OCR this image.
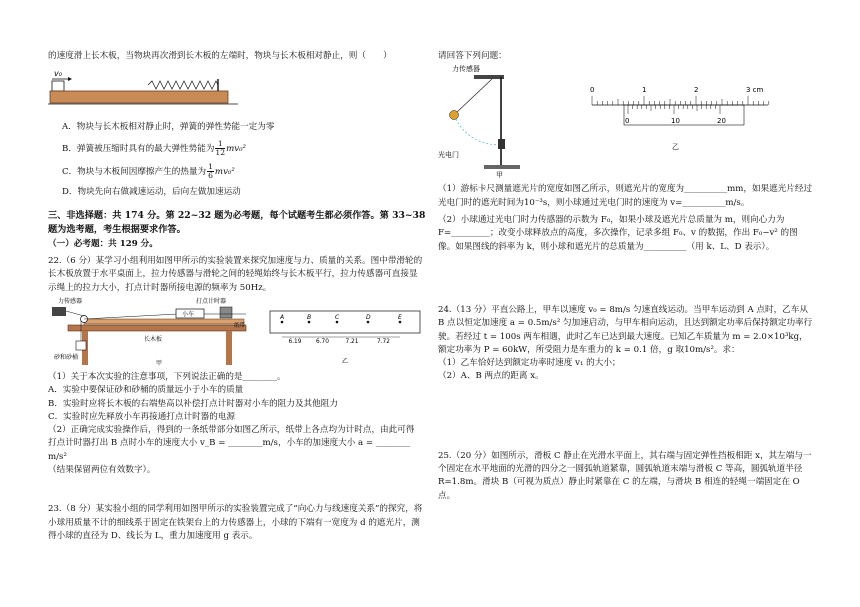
的速度滑上长木板，当物块再次滑到长木板的左端时，物块与长木板相对静止，则（　　）

v₀

A．物块与长木板相对静止时，弹簧的弹性势能一定为零

B．弹簧被压缩时具有的最大弹性势能为 $\frac{1}{12} mv_0^2$

C．物块与木板间因摩擦产生的热量为 $\frac{1}{6} mv_0^2$

D．物块先向右做减速运动，后向左做加速运动

三、非选择题：共 174 分。第 22~32 题为必考题，每个试题考生都必须作答。第 33~38 题为选考题，考生根据要求作答。

（一）必考题：共 129 分。

22.（6 分）某学习小组利用如图甲所示的实验装置来探究加速度与力、质量的关系。图中带滑轮的长木板放置于水平桌面上，拉力传感器与滑轮之间的轻绳始终与长木板平行，拉力传感器可直接显示绳上的拉力大小，打点计时器所接电源的频率为 50Hz。

力传感器	打点计时器
小车
纸带
长木板
砂和砂桶
甲
A	B	C	D	E
6.19	6.70	7.21	7.72
乙

（1）关于本次实验的注意事项，下列说法正确的是________。

A．实验中要保证砂和砂桶的质量远小于小车的质量

B．实验时应将长木板的右端垫高以补偿打点计时器对小车的阻力及其他阻力

C．实验时应先释放小车再接通打点计时器的电源

（2）正确完成实验操作后，得到的一条纸带部分如图乙所示，纸带上各点均为计时点，由此可得

打点计时器打出 B 点时小车的速度大小 v_B = ________m/s，小车的加速度大小 a = ________ m/s²

（结果保留两位有效数字）。

23.（8 分）某实验小组的同学利用如图甲所示的实验装置完成了“向心力与线速度关系”的探究，将小球用质量不计的细线系于固定在铁架台上的力传感器上，小球的下端有一宽度为 d 的遮光片，测得小球的直径为 D、线长为 L，重力加速度用 g 表示。

请回答下列问题：

力传感器
光电门
甲
0	1	2	3 cm
0	10	20
乙

（1）游标卡尺测量遮光片的宽度如图乙所示，则遮光片的宽度为__________mm，如果遮光片经过光电门时的遮光时间为10⁻³s，则小球通过光电门时的速度为 v=__________m/s。

（2）小球通过光电门时力传感器的示数为 F₀，如果小球及遮光片总质量为 m，则向心力为 F=_________；改变小球释放点的高度，多次操作，记录多组 F₀、v 的数据，作出 F₀−v² 的图像。如果图线的斜率为 k，则小球和遮光片的总质量为__________（用 k、L、D 表示）。

24.（13 分）平直公路上，甲车以速度 v₀ = 8m/s 匀速直线运动。当甲车运动到 A 点时，乙车从 B 点以恒定加速度 a = 0.5m/s² 匀加速启动，与甲车相向运动，且达到额定功率后保持额定功率行驶。若经过 t = 100s 两车相遇，此时乙车已达到最大速度。已知乙车质量为 m = 2.0×10³kg，额定功率为 P = 60kW，所受阻力是车重力的 k = 0.1 倍，g 取10m/s²。求：

（1）乙车恰好达到额定功率时速度 v₁ 的大小；

（2）A、B 两点的距离 x。

25.（20 分）如图所示，滑板 C 静止在光滑水平面上，其右端与固定弹性挡板相距 x，其左端与一个固定在水平地面的光滑的四分之一圆弧轨道紧靠，圆弧轨道末端与滑板 C 等高，圆弧轨道半径 R=1.8m。滑块 B（可视为质点）静止时紧靠在 C 的左端，与滑块 B 相连的轻绳一端固定在 O 点。
